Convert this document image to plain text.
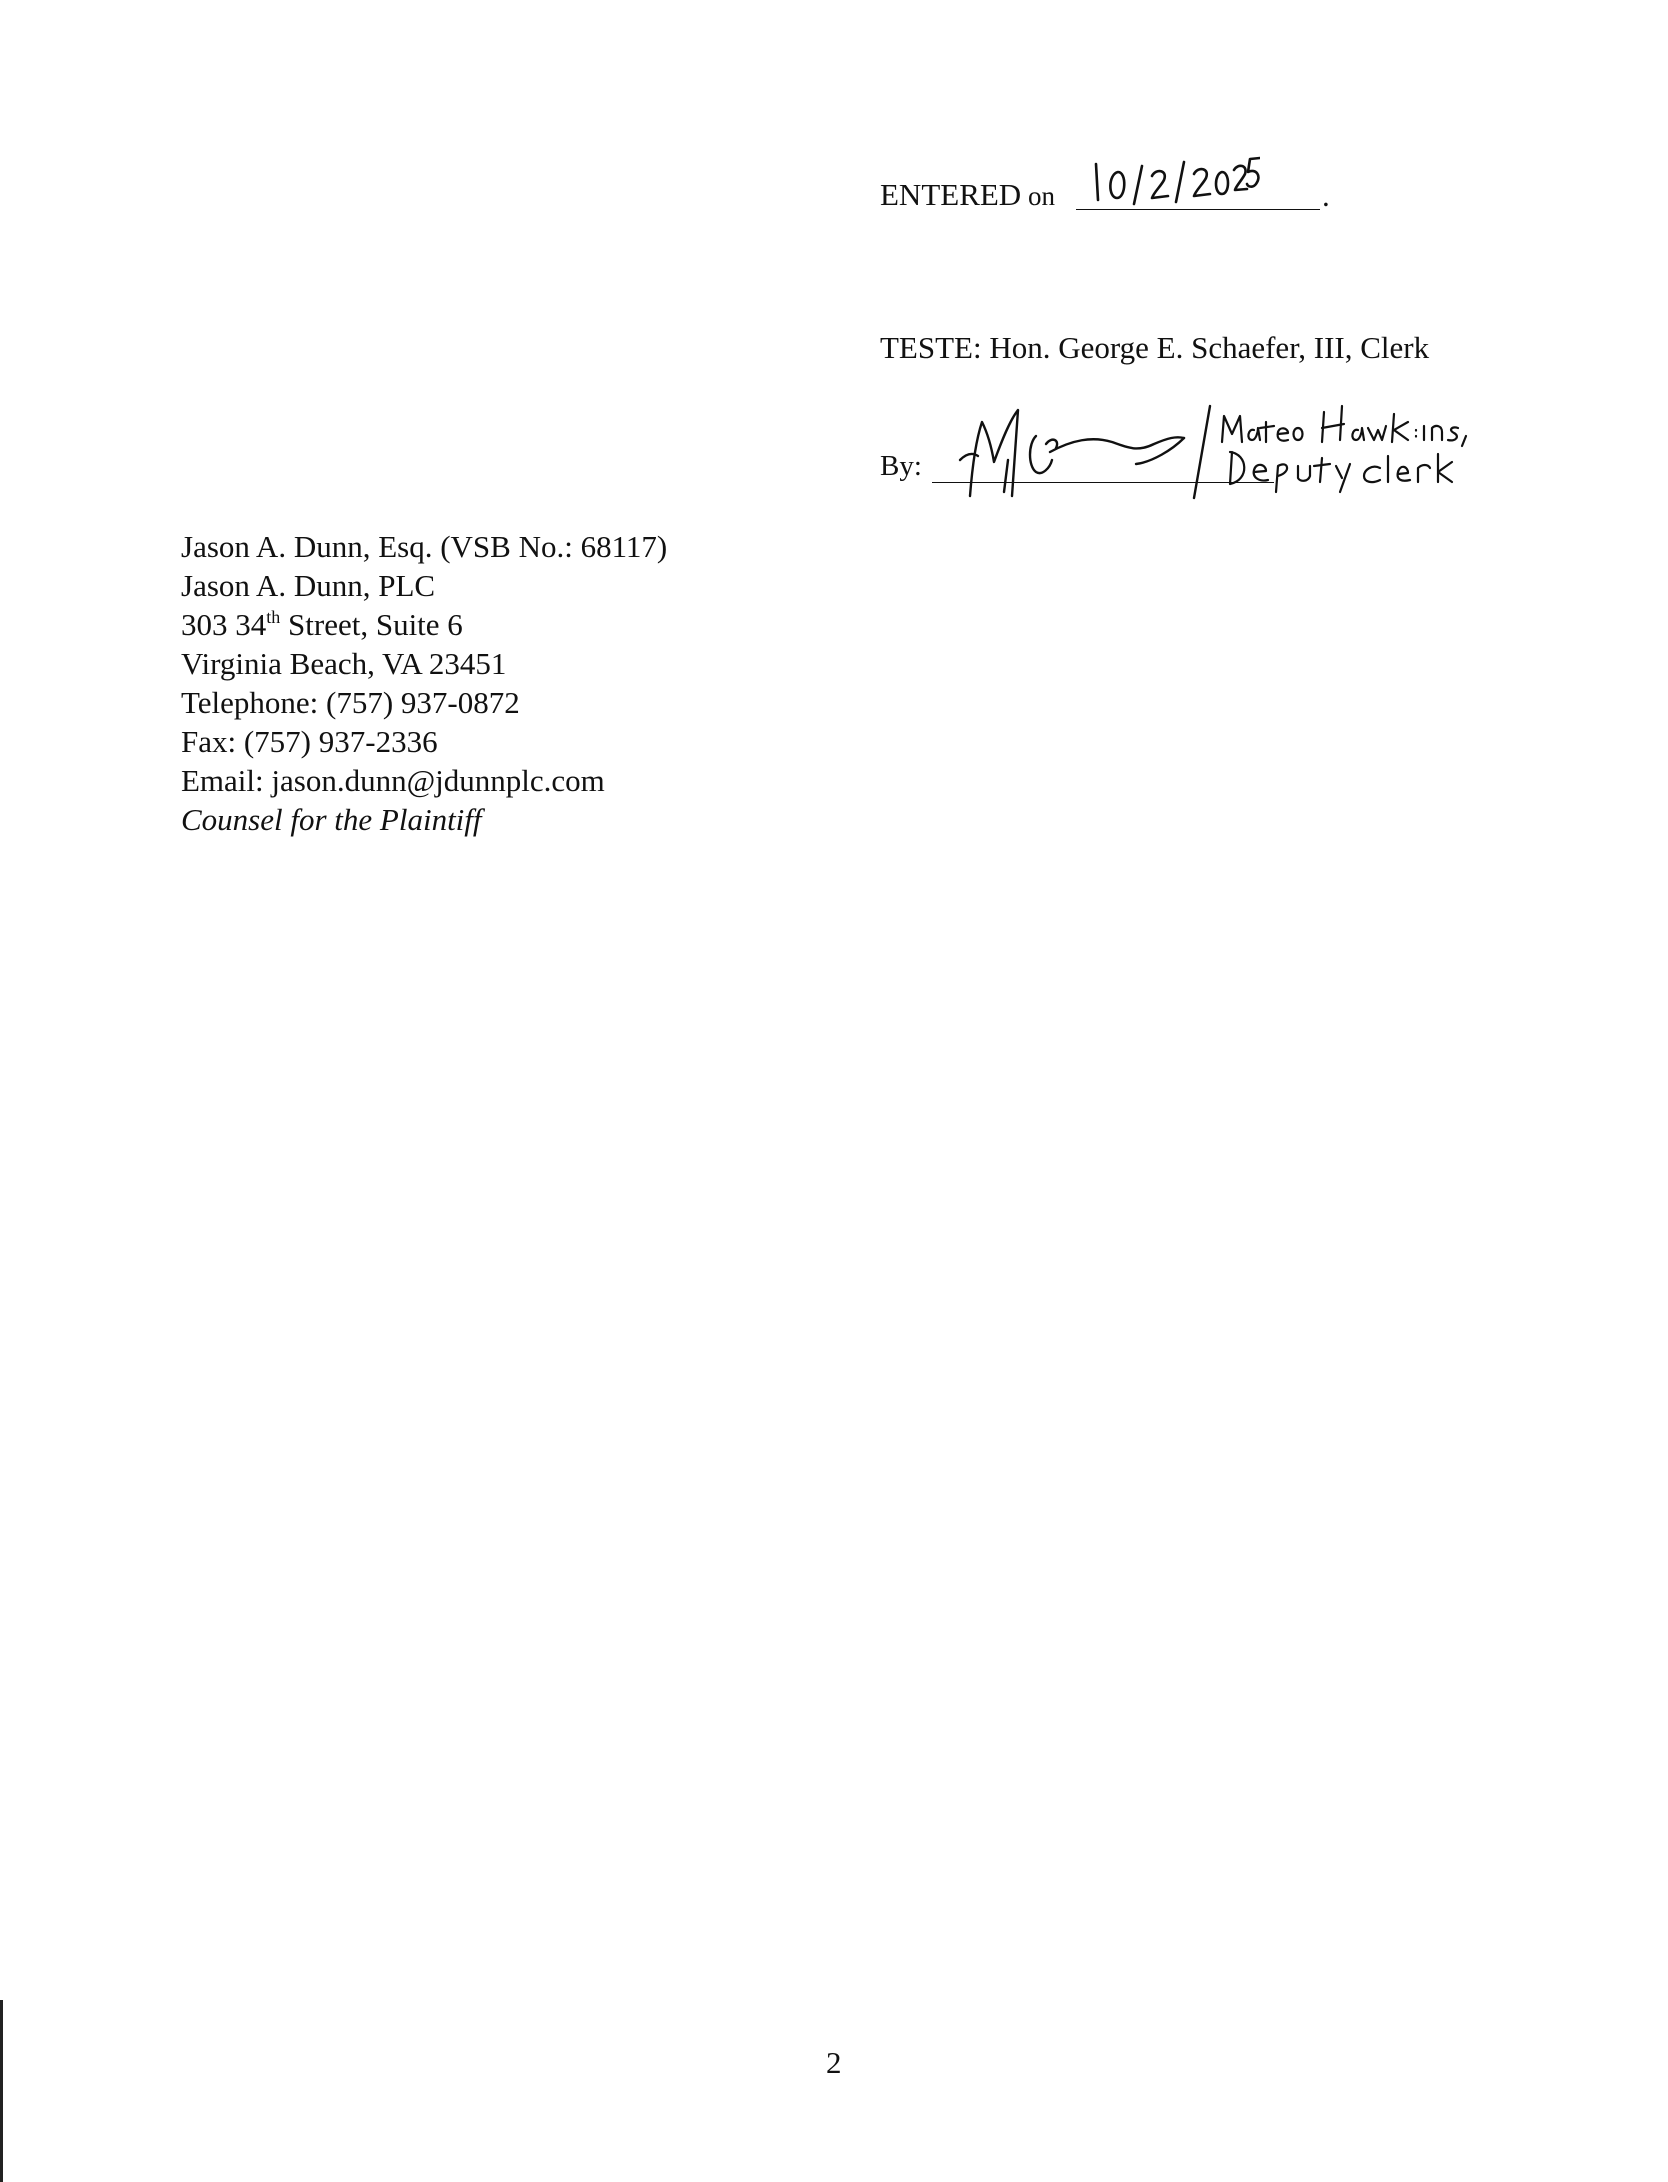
ENTERED on	.
TESTE: Hon. George E. Schaefer, III, Clerk
By:
Jason A. Dunn, Esq. (VSB No.: 68117)
Jason A. Dunn, PLC
303 34th Street, Suite 6
Virginia Beach, VA 23451
Telephone: (757) 937-0872
Fax: (757) 937-2336
Email: jason.dunn@jdunnplc.com
Counsel for the Plaintiff
2
